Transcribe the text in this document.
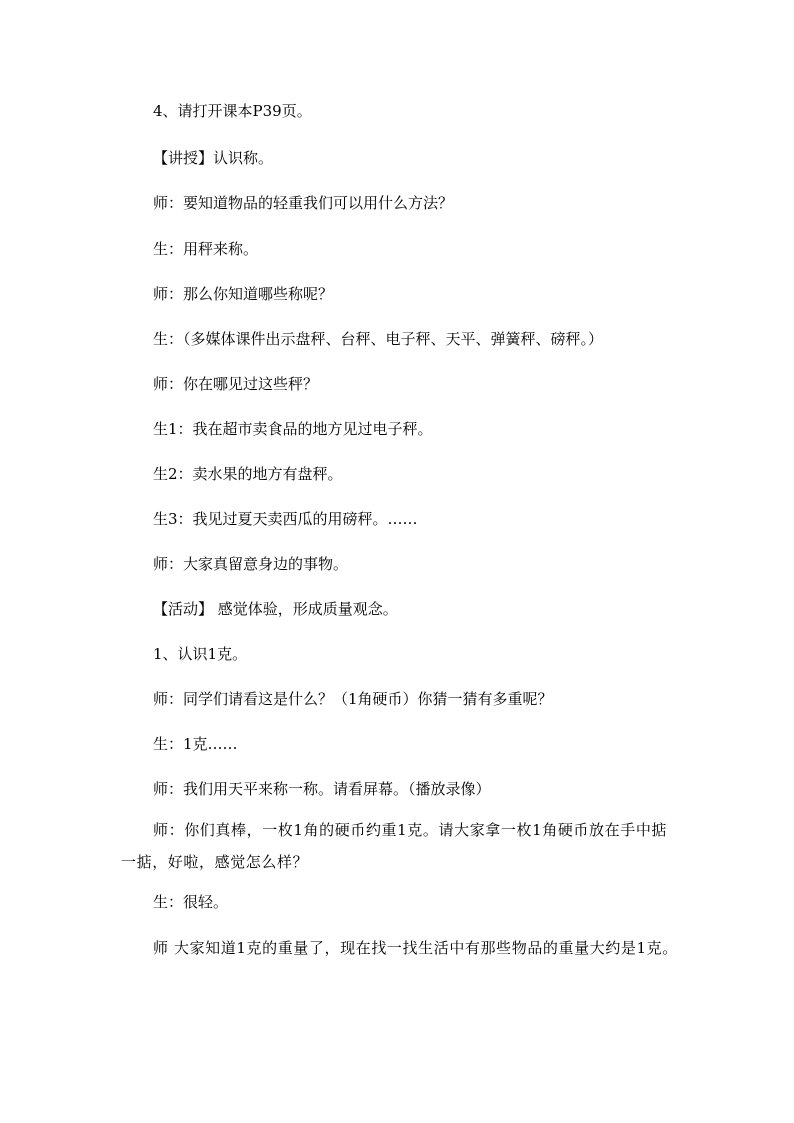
4、请打开课本P39页。

【讲授】认识称。

师：要知道物品的轻重我们可以用什么方法？

生：用秤来称。

师：那么你知道哪些称呢？

生：（多媒体课件出示盘秤、台秤、电子秤、天平、弹簧秤、磅秤。）

师：你在哪见过这些秤？

生1：我在超市卖食品的地方见过电子秤。

生2：卖水果的地方有盘秤。

生3：我见过夏天卖西瓜的用磅秤。……

师：大家真留意身边的事物。

【活动】 感觉体验，形成质量观念。

1、认识1克。

师：同学们请看这是什么？（1角硬币）你猜一猜有多重呢？

生：1克……

师：我们用天平来称一称。请看屏幕。（播放录像）

师：你们真棒，一枚1角的硬币约重1克。请大家拿一枚1角硬币放在手中掂一掂，好啦，感觉怎么样？

生：很轻。

师 大家知道1克的重量了，现在找一找生活中有那些物品的重量大约是1克。
